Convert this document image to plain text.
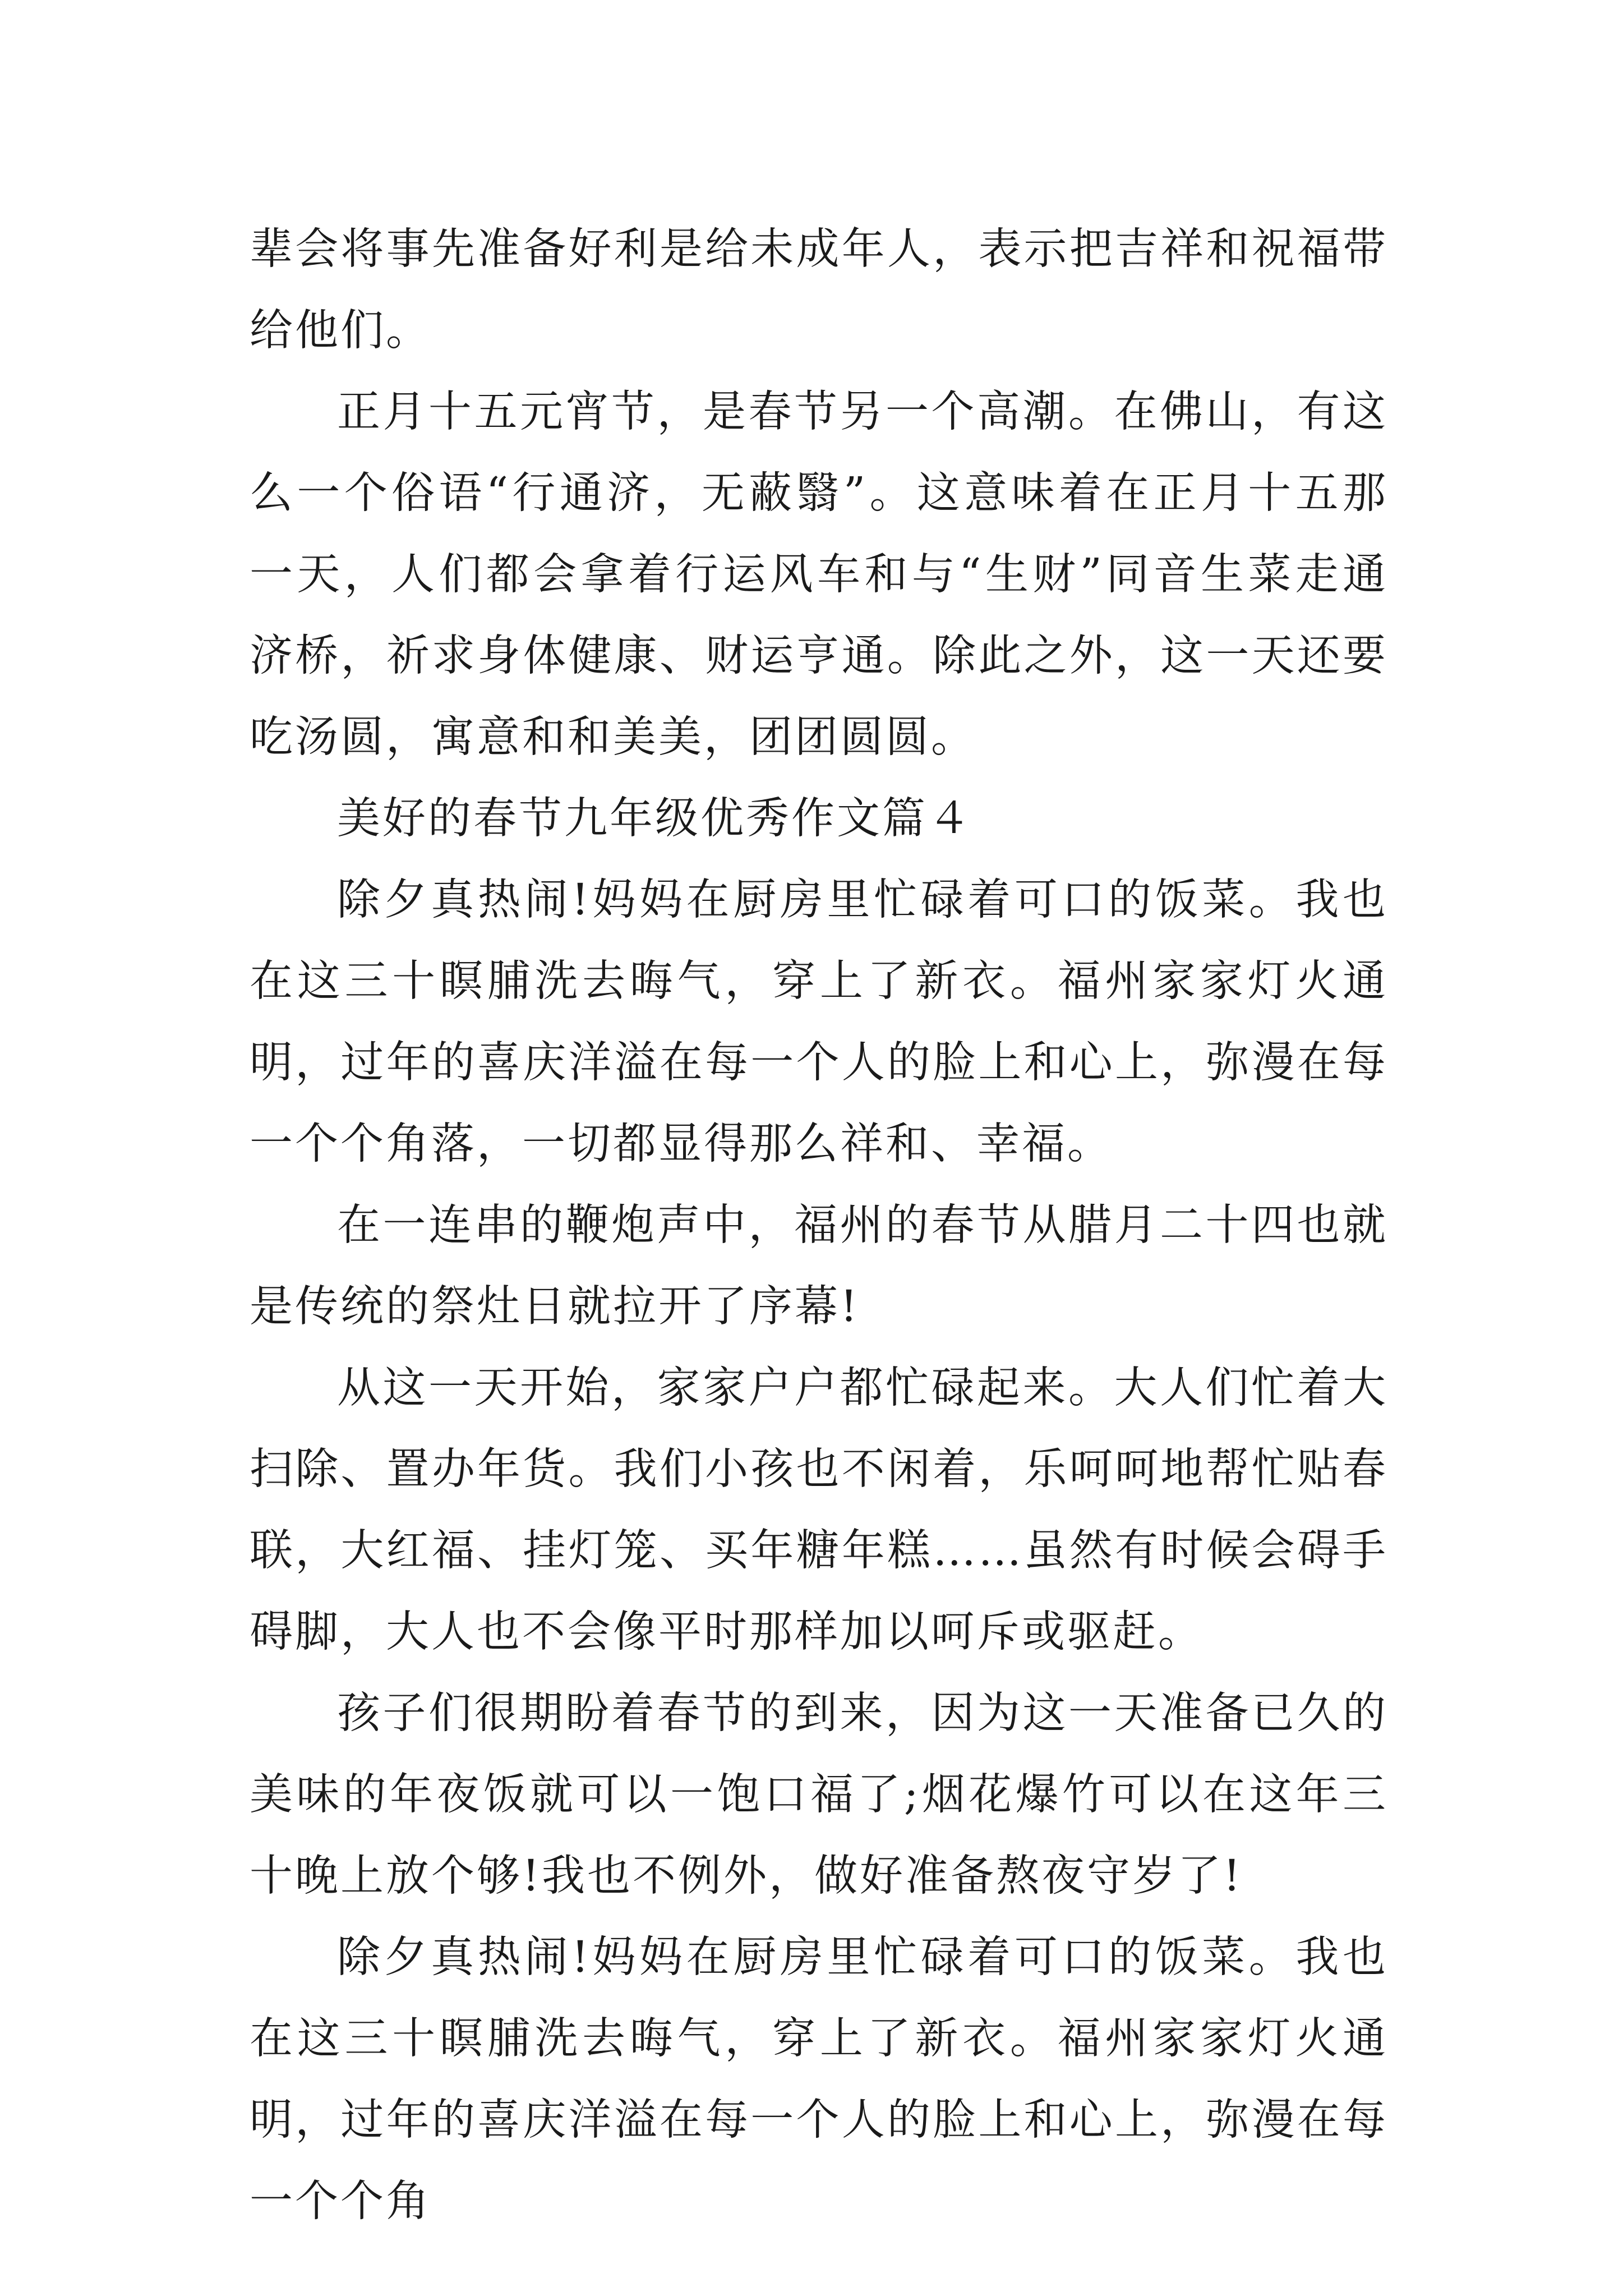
辈会将事先准备好利是给未成年人，表示把吉祥和祝福带给他们。

正月十五元宵节，是春节另一个高潮。在佛山，有这么一个俗语“行通济，无蔽翳”。这意味着在正月十五那一天，人们都会拿着行运风车和与“生财”同音生菜走通济桥，祈求身体健康、财运亨通。除此之外，这一天还要吃汤圆，寓意和和美美，团团圆圆。

美好的春节九年级优秀作文篇４

除夕真热闹!妈妈在厨房里忙碌着可口的饭菜。我也在这三十瞑脯洗去晦气，穿上了新衣。福州家家灯火通明，过年的喜庆洋溢在每一个人的脸上和心上，弥漫在每一个个角落，一切都显得那么祥和、幸福。

在一连串的鞭炮声中，福州的春节从腊月二十四也就是传统的祭灶日就拉开了序幕!

从这一天开始，家家户户都忙碌起来。大人们忙着大扫除、置办年货。我们小孩也不闲着，乐呵呵地帮忙贴春联，大红福、挂灯笼、买年糖年糕……虽然有时候会碍手碍脚，大人也不会像平时那样加以呵斥或驱赶。

孩子们很期盼着春节的到来，因为这一天准备已久的美味的年夜饭就可以一饱口福了;烟花爆竹可以在这年三十晚上放个够!我也不例外，做好准备熬夜守岁了!

除夕真热闹!妈妈在厨房里忙碌着可口的饭菜。我也在这三十瞑脯洗去晦气，穿上了新衣。福州家家灯火通明，过年的喜庆洋溢在每一个人的脸上和心上，弥漫在每一个个角
